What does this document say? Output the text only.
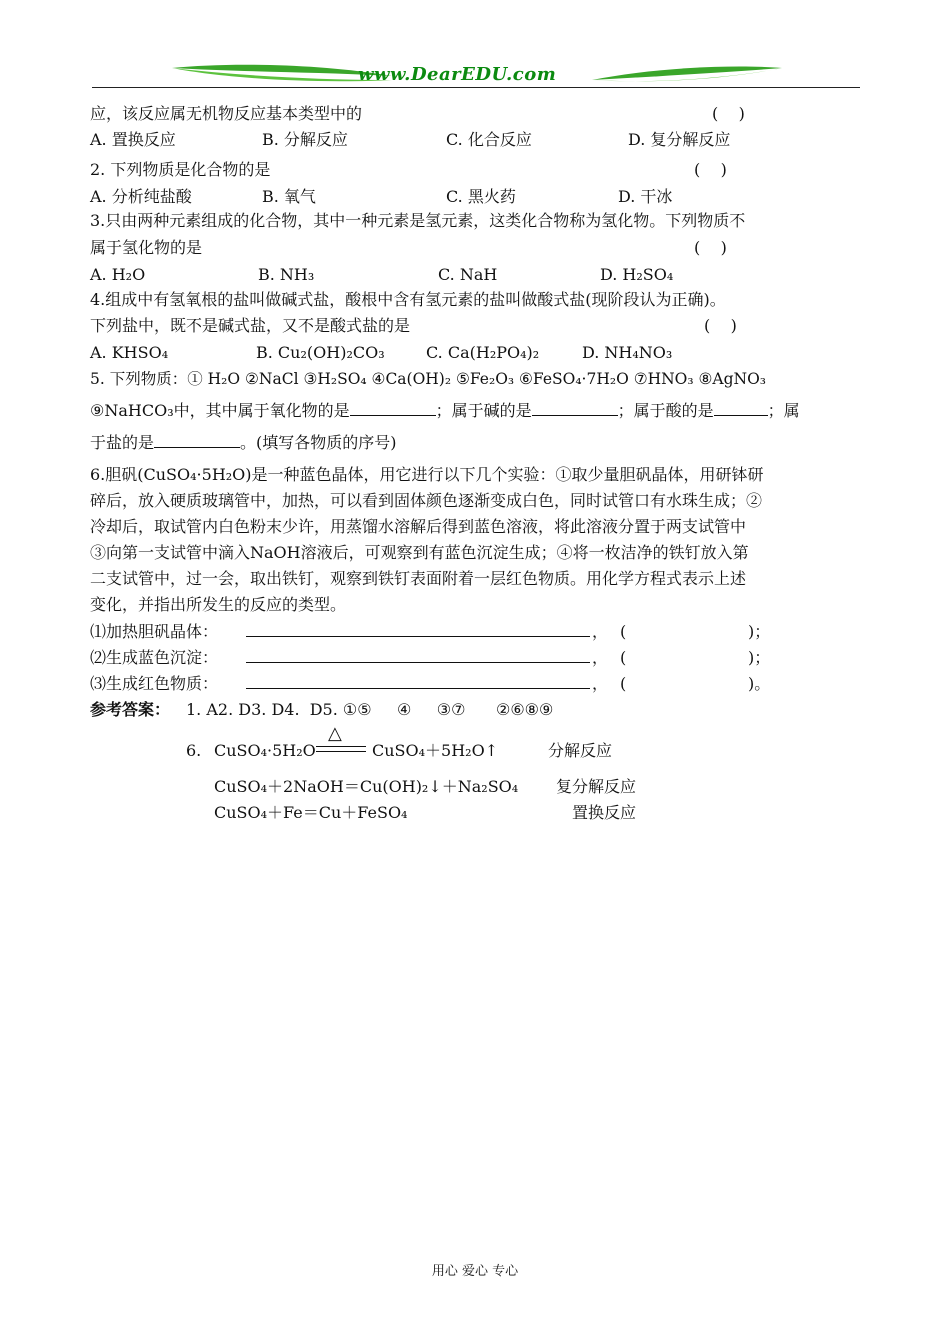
www.DearEDU.com
应，该反应属无机物反应基本类型中的	(    )
A. 置换反应	B. 分解反应	C. 化合反应	D. 复分解反应
2. 下列物质是化合物的是	(    )
A. 分析纯盐酸	B. 氧气	C. 黑火药	D. 干冰
3.只由两种元素组成的化合物，其中一种元素是氢元素，这类化合物称为氢化物。下列物质不
属于氢化物的是	(    )
A. H₂O	B. NH₃	C. NaH	D. H₂SO₄
4.组成中有氢氧根的盐叫做碱式盐，酸根中含有氢元素的盐叫做酸式盐(现阶段认为正确)。
下列盐中，既不是碱式盐，又不是酸式盐的是	(    )
A. KHSO₄	B. Cu₂(OH)₂CO₃	C. Ca(H₂PO₄)₂	D. NH₄NO₃
5. 下列物质：① H₂O ②NaCl ③H₂SO₄ ④Ca(OH)₂ ⑤Fe₂O₃ ⑥FeSO₄·7H₂O ⑦HNO₃ ⑧AgNO₃
⑨NaHCO₃中，其中属于氧化物的是	；属于碱的是	；属于酸的是	；属
于盐的是	。(填写各物质的序号)
6.胆矾(CuSO₄·5H₂O)是一种蓝色晶体，用它进行以下几个实验：①取少量胆矾晶体，用研钵研
碎后，放入硬质玻璃管中，加热，可以看到固体颜色逐渐变成白色，同时试管口有水珠生成；②
冷却后，取试管内白色粉末少许，用蒸馏水溶解后得到蓝色溶液，将此溶液分置于两支试管中
③向第一支试管中滴入NaOH溶液后，可观察到有蓝色沉淀生成；④将一枚洁净的铁钉放入第
二支试管中，过一会，取出铁钉，观察到铁钉表面附着一层红色物质。用化学方程式表示上述
变化，并指出所发生的反应的类型。
⑴加热胆矾晶体：	， (	)；
⑵生成蓝色沉淀：	， (	)；
⑶生成红色物质：	， (	)。
参考答案： 1. A2. D3. D4.  D5. ①⑤     ④     ③⑦      ②⑥⑧⑨
6. CuSO₄·5H₂O
△
CuSO₄＋5H₂O↑	分解反应
CuSO₄＋2NaOH＝Cu(OH)₂↓＋Na₂SO₄ 复分解反应
CuSO₄＋Fe＝Cu＋FeSO₄	置换反应
用心 爱心 专心
